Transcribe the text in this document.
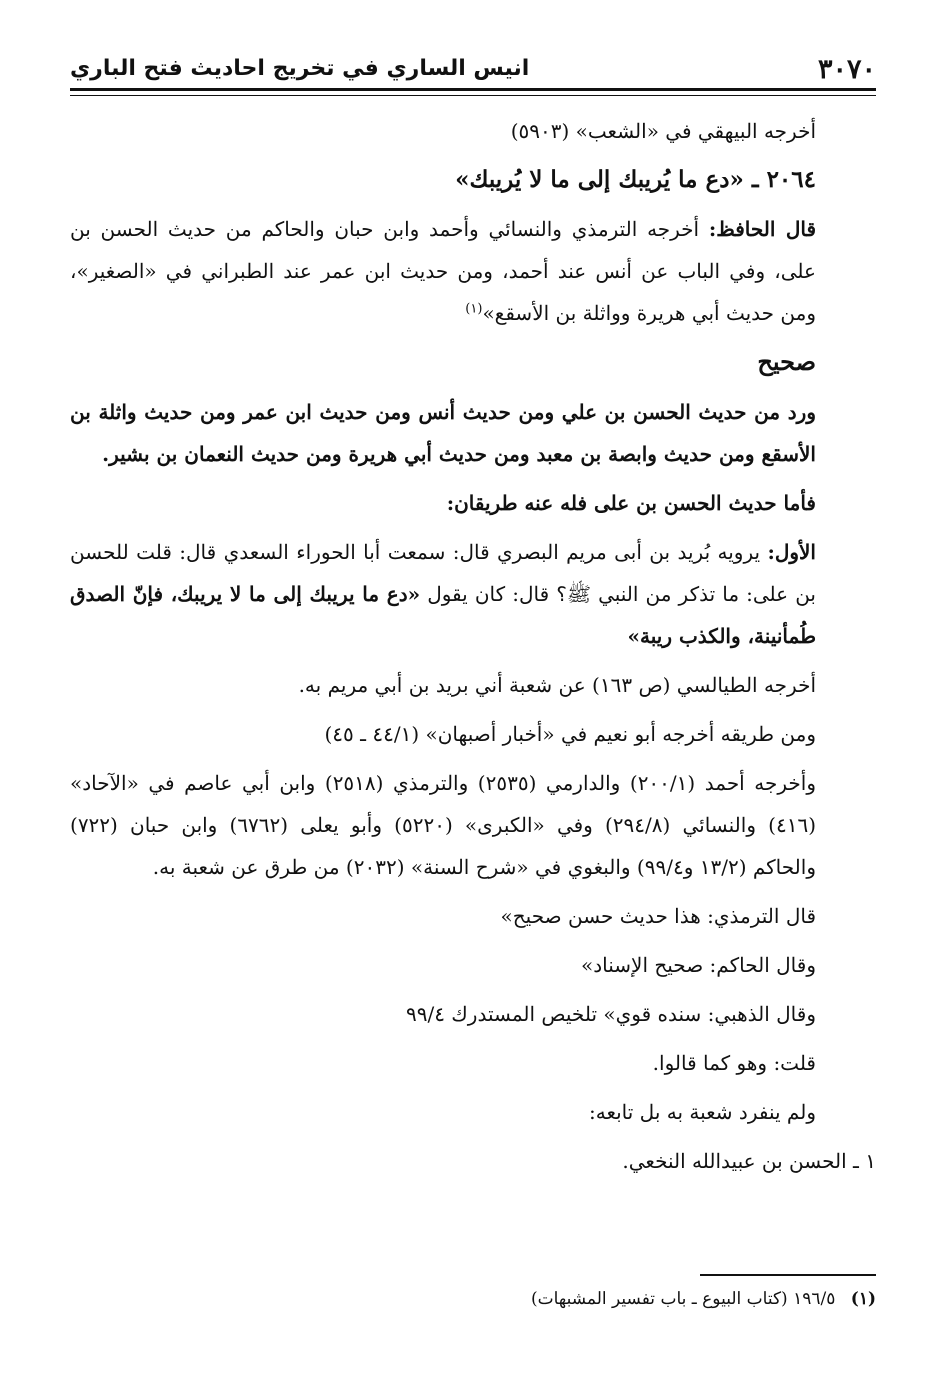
٣٠٧٠
انيس الساري في تخريج احاديث فتح الباري

أخرجه البيهقي في «الشعب» (٥٩٠٣)

٢٠٦٤ ـ «دع ما يُريبك إلى ما لا يُريبك»

قال الحافظ: أخرجه الترمذي والنسائي وأحمد وابن حبان والحاكم من حديث الحسن بن على، وفي الباب عن أنس عند أحمد، ومن حديث ابن عمر عند الطبراني في «الصغير»، ومن حديث أبي هريرة وواثلة بن الأسقع»$^{(١)}$

صحيح

ورد من حديث الحسن بن علي ومن حديث أنس ومن حديث ابن عمر ومن حديث واثلة بن الأسقع ومن حديث وابصة بن معبد ومن حديث أبي هريرة ومن حديث النعمان بن بشير.

فأما حديث الحسن بن على فله عنه طريقان:

الأول: يرويه بُريد بن أبى مريم البصري قال: سمعت أبا الحوراء السعدي قال: قلت للحسن بن على: ما تذكر من النبي ﷺ؟ قال: كان يقول «دع ما يريبك إلى ما لا يريبك، فإنّ الصدق طُمأنينة، والكذب ريبة»

أخرجه الطيالسي (ص ١٦٣) عن شعبة أني بريد بن أبي مريم به.

ومن طريقه أخرجه أبو نعيم في «أخبار أصبهان» (٤٤/١ ـ ٤٥)

وأخرجه أحمد (٢٠٠/١) والدارمي (٢٥٣٥) والترمذي (٢٥١٨) وابن أبي عاصم في «الآحاد» (٤١٦) والنسائي (٢٩٤/٨) وفي «الكبرى» (٥٢٢٠) وأبو يعلى (٦٧٦٢) وابن حبان (٧٢٢) والحاكم (١٣/٢ و٩٩/٤) والبغوي في «شرح السنة» (٢٠٣٢) من طرق عن شعبة به.

قال الترمذي: هذا حديث حسن صحيح»

وقال الحاكم: صحيح الإسناد»

وقال الذهبي: سنده قوي» تلخيص المستدرك ٩٩/٤

قلت: وهو كما قالوا.

ولم ينفرد شعبة به بل تابعه:

١ ـ الحسن بن عبيدالله النخعي.

(١) ١٩٦/٥ (كتاب البيوع ـ باب تفسير المشبهات)
